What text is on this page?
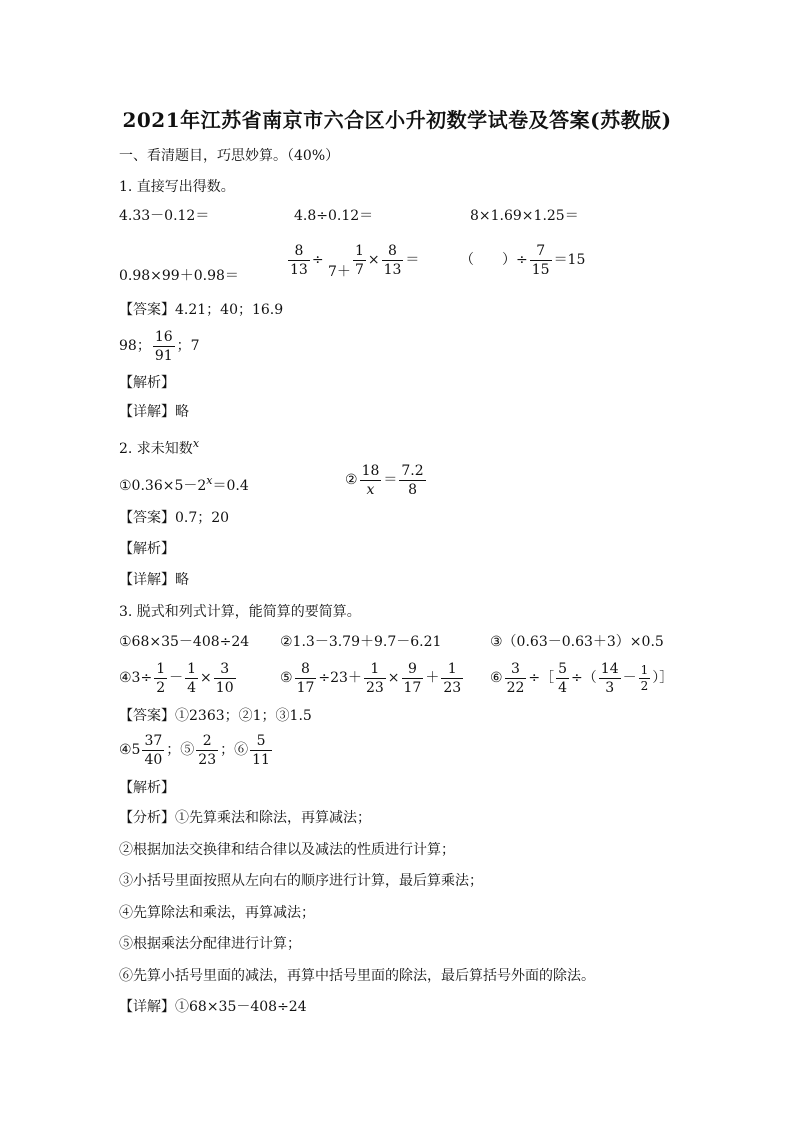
2021年江苏省南京市六合区小升初数学试卷及答案(苏教版)
一、看清题目，巧思妙算。（40%）
1. 直接写出得数。
4.33－0.12＝	4.8÷0.12＝	8×1.69×1.25＝
0.98×99＋0.98＝	$\frac{8}{13} \div 7+ \frac{1}{7} \times \frac{8}{13}$ ＝	（　　）÷ $\frac{7}{15} =15$
【答案】4.21；40；16.9
98； $\frac{16}{91}$ ；7
【解析】
【详解】略
2. 求未知数$^x$
$①0.36\times 5-2^x=0.4$	② $\frac{18}{x} = \frac{7.2}{8}$
【答案】0.7；20
【解析】
【详解】略
3. 脱式和列式计算，能简算的要简算。
①68×35－408÷24 ②1.3－3.79＋9.7－6.21	③（0.63－0.63＋3）×0.5
④3÷ $\frac{1}{2} - \frac{1}{4} \times \frac{3}{10}$	⑤ $\frac{8}{17} \div 23+ \frac{1}{23} \times \frac{9}{17} + \frac{1}{23}$ ⑥ $\frac{3}{22}$ ÷［ $\frac{5}{4}$ ÷（ $\frac{14}{3} - \frac{1}{2}$ ）］
【答案】①2363；②1；③1.5
④5 $\frac{37}{40}$ ；⑤ $\frac{2}{23}$ ；⑥ $\frac{5}{11}$
【解析】
【分析】①先算乘法和除法，再算减法；
②根据加法交换律和结合律以及减法的性质进行计算；
③小括号里面按照从左向右的顺序进行计算，最后算乘法；
④先算除法和乘法，再算减法；
⑤根据乘法分配律进行计算；
⑥先算小括号里面的减法，再算中括号里面的除法，最后算括号外面的除法。
【详解】①68×35－408÷24
